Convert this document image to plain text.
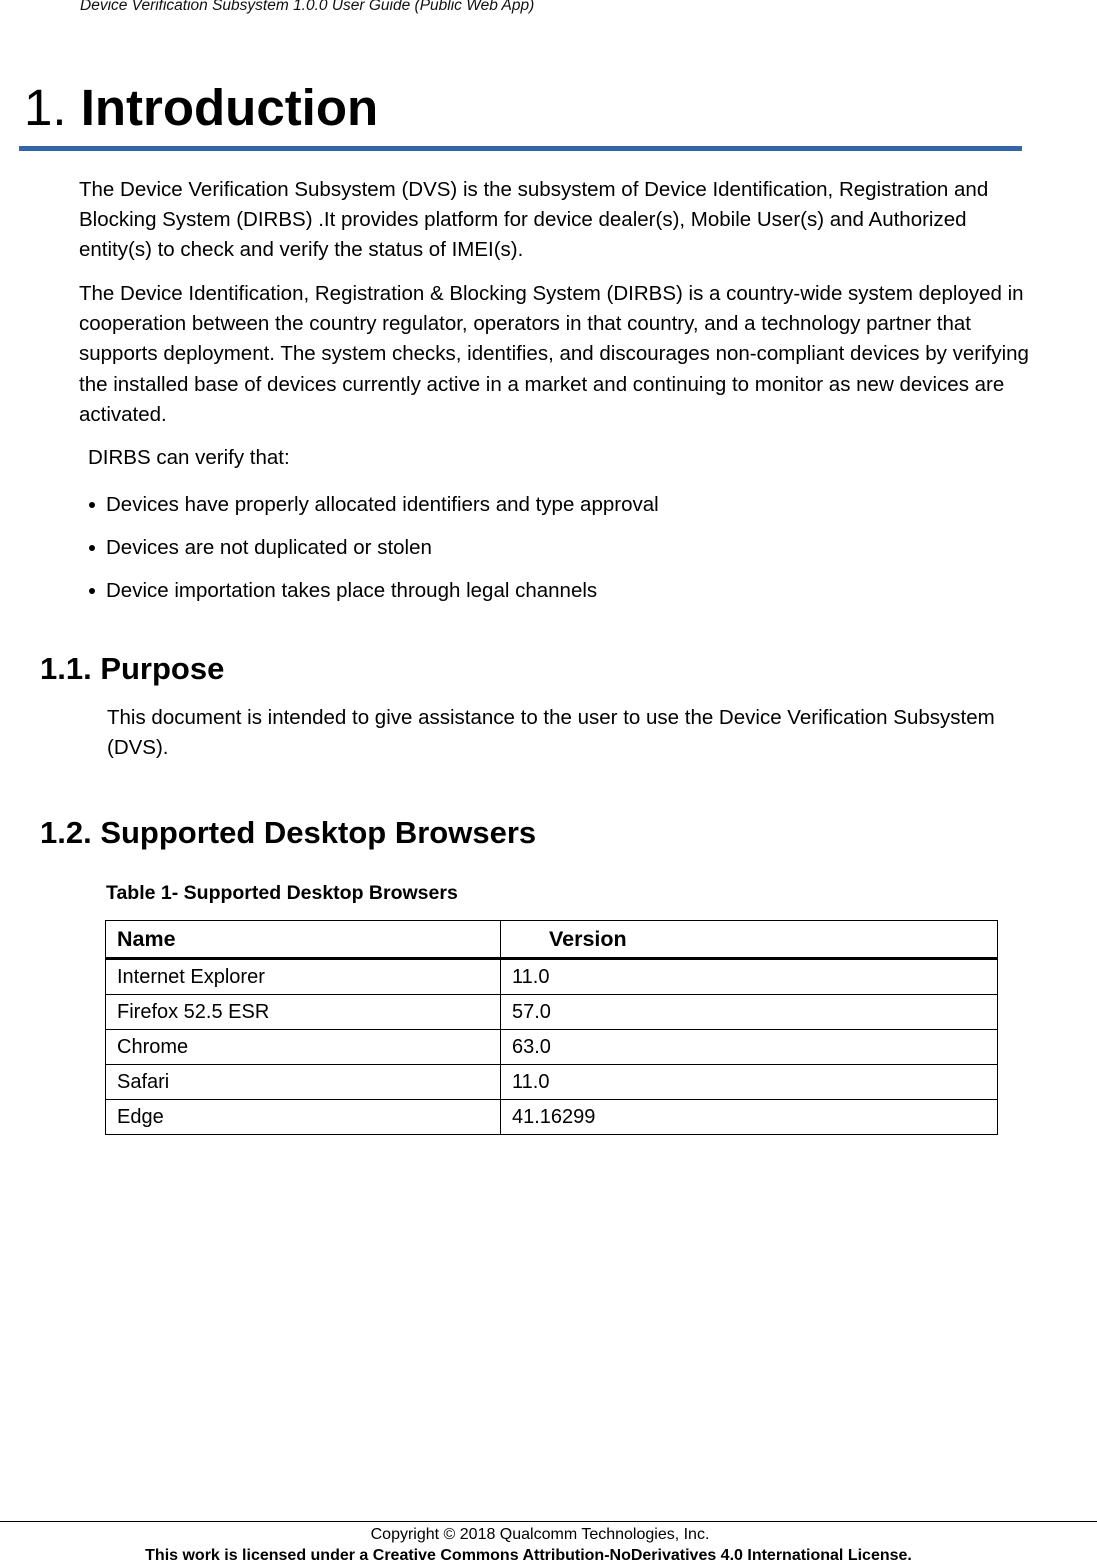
Device Verification Subsystem 1.0.0 User Guide (Public Web App)
1. Introduction
The Device Verification Subsystem (DVS) is the subsystem of Device Identification, Registration and Blocking System (DIRBS) .It provides platform for device dealer(s), Mobile User(s) and Authorized entity(s) to check and verify the status of IMEI(s).
The Device Identification, Registration & Blocking System (DIRBS) is a country-wide system deployed in cooperation between the country regulator, operators in that country, and a technology partner that supports deployment. The system checks, identifies, and discourages non-compliant devices by verifying the installed base of devices currently active in a market and continuing to monitor as new devices are activated.
DIRBS can verify that:
Devices have properly allocated identifiers and type approval
Devices are not duplicated or stolen
Device importation takes place through legal channels
1.1. Purpose
This document is intended to give assistance to the user to use the Device Verification Subsystem (DVS).
1.2. Supported Desktop Browsers
Table 1- Supported Desktop Browsers
Name	Version
Internet Explorer	11.0
Firefox 52.5 ESR	57.0
Chrome	63.0
Safari	11.0
Edge	41.16299
Copyright © 2018 Qualcomm Technologies, Inc.
This work is licensed under a Creative Commons Attribution-NoDerivatives 4.0 International License.
